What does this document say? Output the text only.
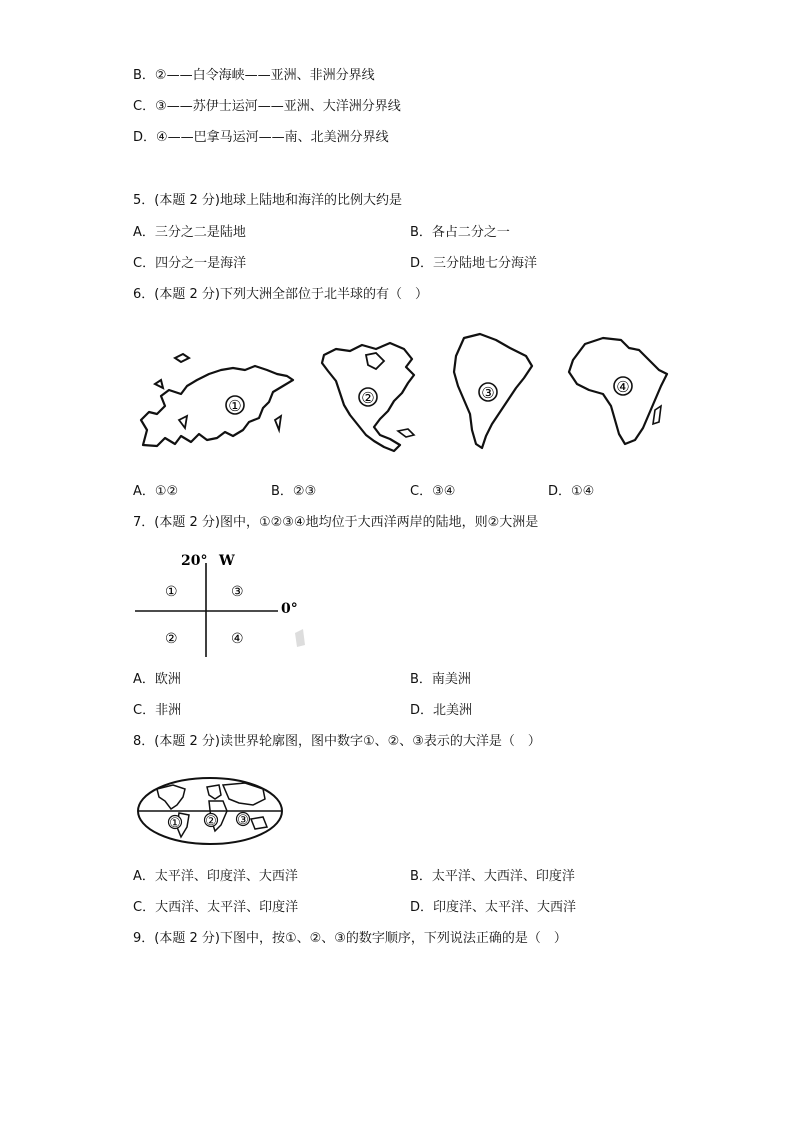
B．②——白令海峡——亚洲、非洲分界线
C．③——苏伊士运河——亚洲、大洋洲分界线
D．④——巴拿马运河——南、北美洲分界线
5．(本题 2 分)地球上陆地和海洋的比例大约是
A．三分之二是陆地	B．各占二分之一
C．四分之一是海洋	D．三分陆地七分海洋
6．(本题 2 分)下列大洲全部位于北半球的有（　）
①	②	③	④
A．①②	B．②③	C．③④	D．①④
7．(本题 2 分)图中，①②③④地均位于大西洋两岸的陆地，则②大洲是
20° W
0°
①	③
②	④
A．欧洲	B．南美洲
C．非洲	D．北美洲
8．(本题 2 分)读世界轮廓图，图中数字①、②、③表示的大洋是（　）
① ② ③
A．太平洋、印度洋、大西洋	B．太平洋、大西洋、印度洋
C．大西洋、太平洋、印度洋	D．印度洋、太平洋、大西洋
9．(本题 2 分)下图中，按①、②、③的数字顺序，下列说法正确的是（　）
